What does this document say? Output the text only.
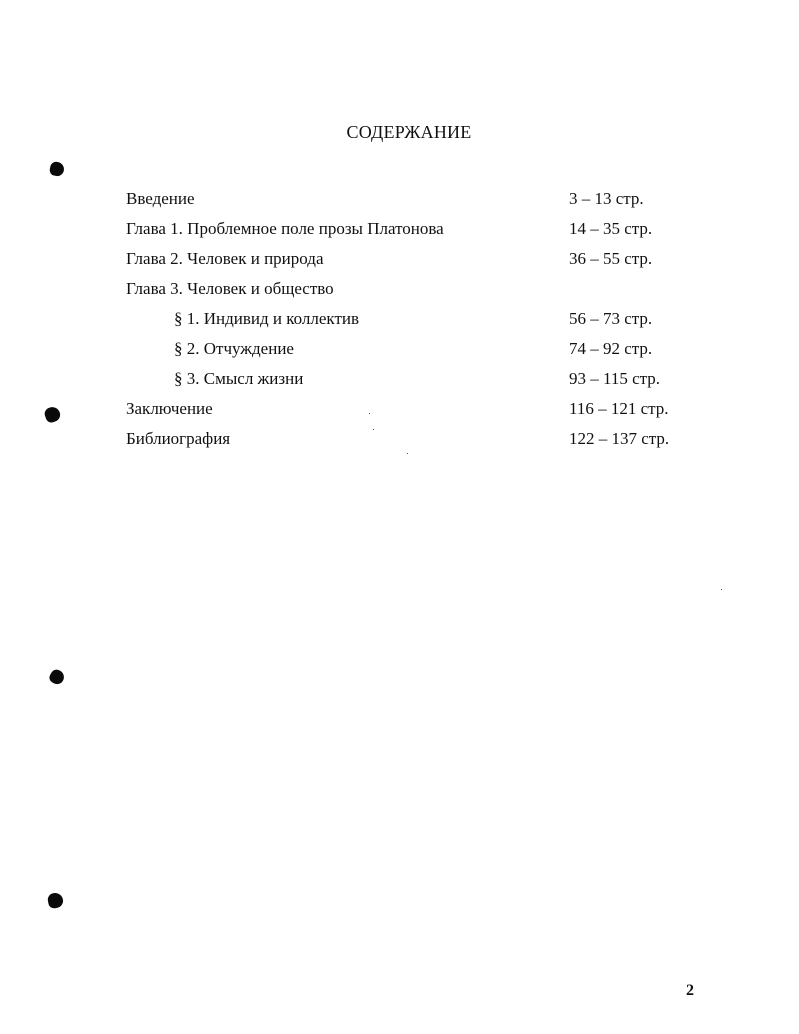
СОДЕРЖАНИЕ
Введение	3 – 13 стр.
Глава 1. Проблемное поле прозы Платонова	14 – 35 стр.
Глава 2. Человек и природа	36 – 55 стр.
Глава 3. Человек и общество
§ 1. Индивид и коллектив	56 – 73 стр.
§ 2. Отчуждение	74 – 92 стр.
§ 3. Смысл жизни	93 – 115 стр.
Заключение	116 – 121 стр.
Библиография	122 – 137 стр.
2
